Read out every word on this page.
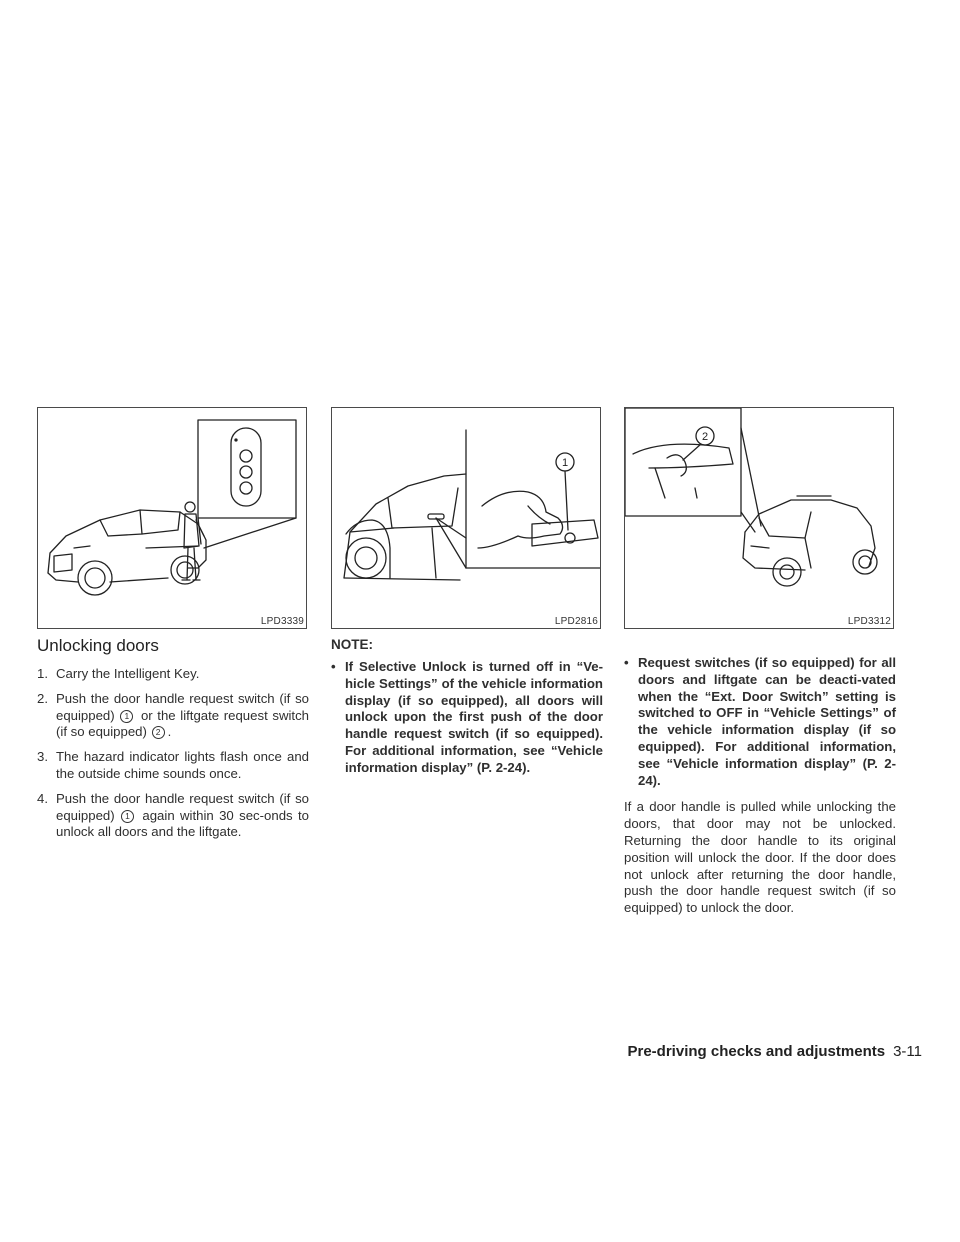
LPD3339
1
LPD2816
2
LPD3312
Unlocking doors
1. Carry the Intelligent Key.
2. Push the door handle request switch (if so equipped) 1 or the liftgate request switch (if so equipped) 2 .
3. The hazard indicator lights flash once and the outside chime sounds once.
4. Push the door handle request switch (if so equipped) 1 again within 30 sec-onds to unlock all doors and the liftgate.
NOTE:
• If Selective Unlock is turned off in “Ve-hicle Settings” of the vehicle information display (if so equipped), all doors will unlock upon the first push of the door handle request switch (if so equipped). For additional information, see “Vehicle information display” (P. 2-24).
• Request switches (if so equipped) for all doors and liftgate can be deacti-vated when the “Ext. Door Switch” setting is switched to OFF in “Vehicle Settings” of the vehicle information display (if so equipped). For additional information, see “Vehicle information display” (P. 2-24).
If a door handle is pulled while unlocking the doors, that door may not be unlocked. Returning the door handle to its original position will unlock the door. If the door does not unlock after returning the door handle, push the door handle request switch (if so equipped) to unlock the door.
Pre-driving checks and adjustments 3-11
